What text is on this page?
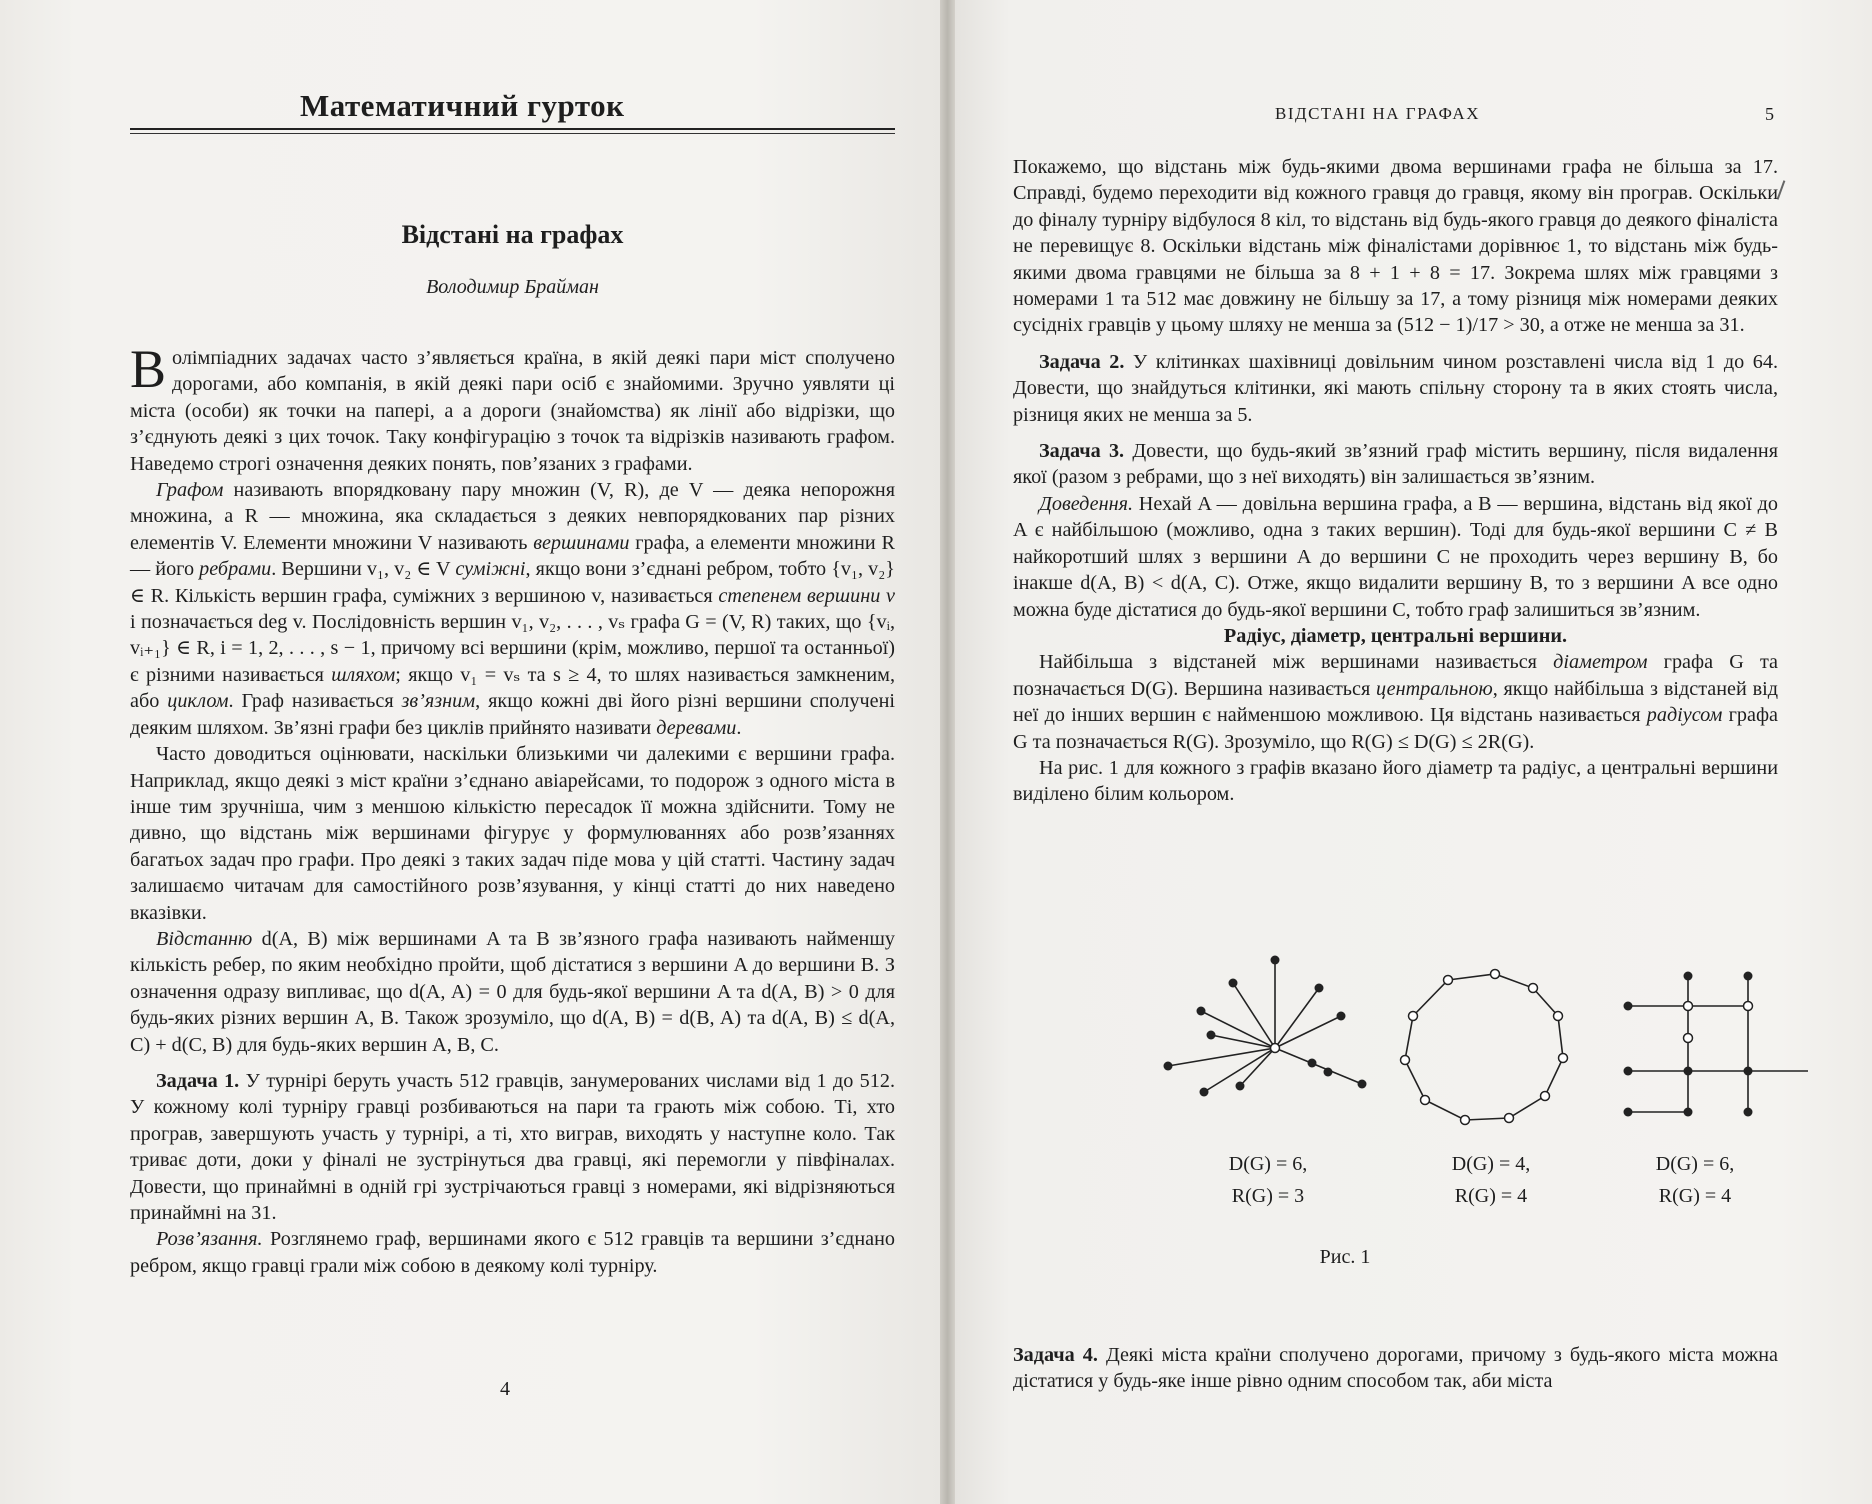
Математичний гурток
Відстані на графах
Володимир Брайман

В олімпіадних задачах часто з’являється країна, в якій деякі пари міст сполучено дорогами, або компанія, в якій деякі пари осіб є знайомими. Зручно уявляти ці міста (особи) як точки на папері, а а дороги (знайомства) як лінії або відрізки, що з’єднують деякі з цих точок. Таку конфігурацію з точок та відрізків називають графом. Наведемо строгі означення деяких понять, пов’язаних з графами.

Графом називають впорядковану пару множин (V, R), де V — деяка непорожня множина, а R — множина, яка складається з деяких невпорядкованих пар різних елементів V. Елементи множини V називають вершинами графа, а елементи множини R — його ребрами. Вершини v₁, v₂ ∈ V суміжні, якщо вони з’єднані ребром, тобто {v₁, v₂} ∈ R. Кількість вершин графа, суміжних з вершиною v, називається степенем вершини v і позначається deg v. Послідовність вершин v₁, v₂, . . . , vₛ графа G = (V, R) таких, що {vᵢ, vᵢ₊₁} ∈ R, i = 1, 2, . . . , s − 1, причому всі вершини (крім, можливо, першої та останньої) є різними називається шляхом; якщо v₁ = vₛ та s ≥ 4, то шлях називається замкненим, або циклом. Граф називається зв’язним, якщо кожні дві його різні вершини сполучені деяким шляхом. Зв’язні графи без циклів прийнято називати деревами.

Часто доводиться оцінювати, наскільки близькими чи далекими є вершини графа. Наприклад, якщо деякі з міст країни з’єднано авіарейсами, то подорож з одного міста в інше тим зручніша, чим з меншою кількістю пересадок її можна здійснити. Тому не дивно, що відстань між вершинами фігурує у формулюваннях або розв’язаннях багатьох задач про графи. Про деякі з таких задач піде мова у цій статті. Частину задач залишаємо читачам для самостійного розв’язування, у кінці статті до них наведено вказівки.

Відстанню d(A, B) між вершинами A та B зв’язного графа називають найменшу кількість ребер, по яким необхідно пройти, щоб дістатися з вершини A до вершини B. З означення одразу випливає, що d(A, A) = 0 для будь-якої вершини A та d(A, B) > 0 для будь-яких різних вершин A, B. Також зрозуміло, що d(A, B) = d(B, A) та d(A, B) ≤ d(A, C) + d(C, B) для будь-яких вершин A, B, C.

Задача 1. У турнірі беруть участь 512 гравців, занумерованих числами від 1 до 512. У кожному колі турніру гравці розбиваються на пари та грають між собою. Ті, хто програв, завершують участь у турнірі, а ті, хто виграв, виходять у наступне коло. Так триває доти, доки у фіналі не зустрінуться два гравці, які перемогли у півфіналах. Довести, що принаймні в одній грі зустрічаються гравці з номерами, які відрізняються принаймні на 31.

Розв’язання. Розглянемо граф, вершинами якого є 512 гравців та вершини з’єднано ребром, якщо гравці грали між собою в деякому колі турніру.

4
ВІДСТАНІ НА ГРАФАХ	5

Покажемо, що відстань між будь-якими двома вершинами графа не більша за 17. Справді, будемо переходити від кожного гравця до гравця, якому він програв. Оскільки до фіналу турніру відбулося 8 кіл, то відстань від будь-якого гравця до деякого фіналіста не перевищує 8. Оскільки відстань між фіналістами дорівнює 1, то відстань між будь-якими двома гравцями не більша за 8 + 1 + 8 = 17. Зокрема шлях між гравцями з номерами 1 та 512 має довжину не більшу за 17, а тому різниця між номерами деяких сусідніх гравців у цьому шляху не менша за (512 − 1)/17 > 30, а отже не менша за 31.

Задача 2. У клітинках шахівниці довільним чином розставлені числа від 1 до 64. Довести, що знайдуться клітинки, які мають спільну сторону та в яких стоять числа, різниця яких не менша за 5.

Задача 3. Довести, що будь-який зв’язний граф містить вершину, після видалення якої (разом з ребрами, що з неї виходять) він залишається зв’язним.

Доведення. Нехай A — довільна вершина графа, а B — вершина, відстань від якої до A є найбільшою (можливо, одна з таких вершин). Тоді для будь-якої вершини C ≠ B найкоротший шлях з вершини A до вершини C не проходить через вершину B, бо інакше d(A, B) < d(A, C). Отже, якщо видалити вершину B, то з вершини A все одно можна буде дістатися до будь-якої вершини C, тобто граф залишиться зв’язним.

Радіус, діаметр, центральні вершини.

Найбільша з відстаней між вершинами називається діаметром графа G та позначається D(G). Вершина називається центральною, якщо найбільша з відстаней від неї до інших вершин є найменшою можливою. Ця відстань називається радіусом графа G та позначається R(G). Зрозуміло, що R(G) ≤ D(G) ≤ 2R(G).

На рис. 1 для кожного з графів вказано його діаметр та радіус, а центральні вершини виділено білим кольором.

D(G) = 6,
R(G) = 3
D(G) = 4,
R(G) = 4
D(G) = 6,
R(G) = 4
Рис. 1

Задача 4. Деякі міста країни сполучено дорогами, причому з будь-якого міста можна дістатися у будь-яке інше рівно одним способом так, аби міста
